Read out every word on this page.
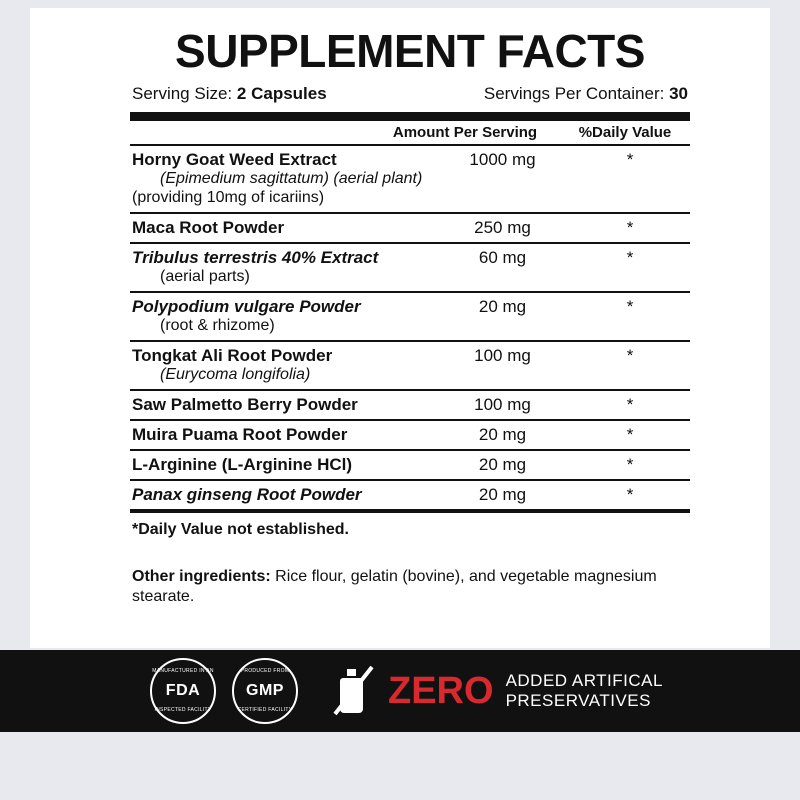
SUPPLEMENT FACTS
Serving Size: 2 Capsules	Servings Per Container: 30
Amount Per Serving	%Daily Value
Horny Goat Weed Extract
(Epimedium sagittatum) (aerial plant)
(providing 10mg of icariins)
1000 mg	*
Maca Root Powder	250 mg	*
Tribulus terrestris 40% Extract
(aerial parts)
60 mg	*
Polypodium vulgare Powder
(root & rhizome)
20 mg	*
Tongkat Ali Root Powder
(Eurycoma longifolia)
100 mg	*
Saw Palmetto Berry Powder	100 mg	*
Muira Puama Root Powder	20 mg	*
L-Arginine (L-Arginine HCl)	20 mg	*
Panax ginseng Root Powder	20 mg	*
*Daily Value not established.
Other ingredients: Rice flour, gelatin (bovine), and vegetable magnesium stearate.
MANUFACTURED IN AN
FDA
INSPECTED FACILITY
PRODUCED FROM
GMP
CERTIFIED FACILITY	ZERO ADDED ARTIFICAL
PRESERVATIVES
